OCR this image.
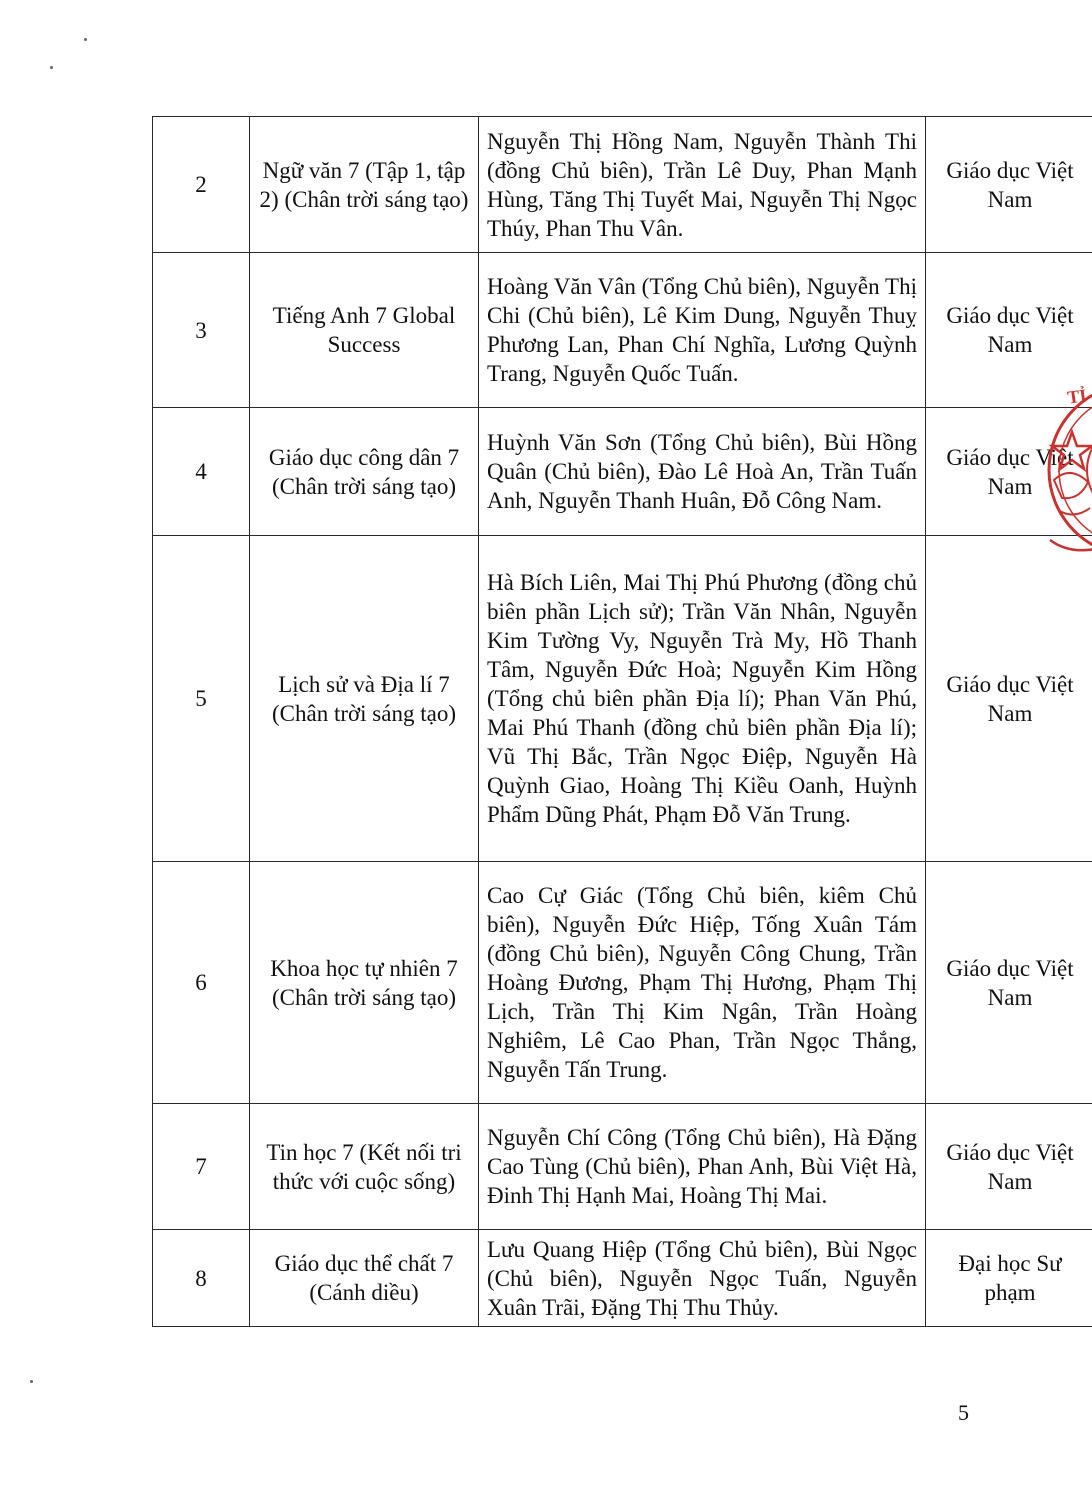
2	Ngữ văn 7 (Tập 1, tập 2) (Chân trời sáng tạo)	Nguyễn Thị Hồng Nam, Nguyễn Thành Thi (đồng Chủ biên), Trần Lê Duy, Phan Mạnh Hùng, Tăng Thị Tuyết Mai, Nguyễn Thị Ngọc Thúy, Phan Thu Vân.	Giáo dục Việt Nam
3	Tiếng Anh 7 Global Success	Hoàng Văn Vân (Tổng Chủ biên), Nguyễn Thị Chi (Chủ biên), Lê Kim Dung, Nguyễn Thuỵ Phương Lan, Phan Chí Nghĩa, Lương Quỳnh Trang, Nguyễn Quốc Tuấn.	Giáo dục Việt Nam
4	Giáo dục công dân 7 (Chân trời sáng tạo)	Huỳnh Văn Sơn (Tổng Chủ biên), Bùi Hồng Quân (Chủ biên), Đào Lê Hoà An, Trần Tuấn Anh, Nguyễn Thanh Huân, Đỗ Công Nam.	Giáo dục Việt Nam
5	Lịch sử và Địa lí 7 (Chân trời sáng tạo)	Hà Bích Liên, Mai Thị Phú Phương (đồng chủ biên phần Lịch sử); Trần Văn Nhân, Nguyễn Kim Tường Vy, Nguyễn Trà My, Hồ Thanh Tâm, Nguyễn Đức Hoà; Nguyễn Kim Hồng (Tổng chủ biên phần Địa lí); Phan Văn Phú, Mai Phú Thanh (đồng chủ biên phần Địa lí); Vũ Thị Bắc, Trần Ngọc Điệp, Nguyễn Hà Quỳnh Giao, Hoàng Thị Kiều Oanh, Huỳnh Phẩm Dũng Phát, Phạm Đỗ Văn Trung.	Giáo dục Việt Nam
6	Khoa học tự nhiên 7 (Chân trời sáng tạo)	Cao Cự Giác (Tổng Chủ biên, kiêm Chủ biên), Nguyễn Đức Hiệp, Tống Xuân Tám (đồng Chủ biên), Nguyễn Công Chung, Trần Hoàng Đương, Phạm Thị Hương, Phạm Thị Lịch, Trần Thị Kim Ngân, Trần Hoàng Nghiêm, Lê Cao Phan, Trần Ngọc Thắng, Nguyễn Tấn Trung.	Giáo dục Việt Nam
7	Tin học 7 (Kết nối tri thức với cuộc sống)	Nguyễn Chí Công (Tổng Chủ biên), Hà Đặng Cao Tùng (Chủ biên), Phan Anh, Bùi Việt Hà, Đinh Thị Hạnh Mai, Hoàng Thị Mai.	Giáo dục Việt Nam
8	Giáo dục thể chất 7 (Cánh diều)	Lưu Quang Hiệp (Tổng Chủ biên), Bùi Ngọc (Chủ biên), Nguyễn Ngọc Tuấn, Nguyễn Xuân Trãi, Đặng Thị Thu Thủy.	Đại học Sư phạm
5
TỈ
